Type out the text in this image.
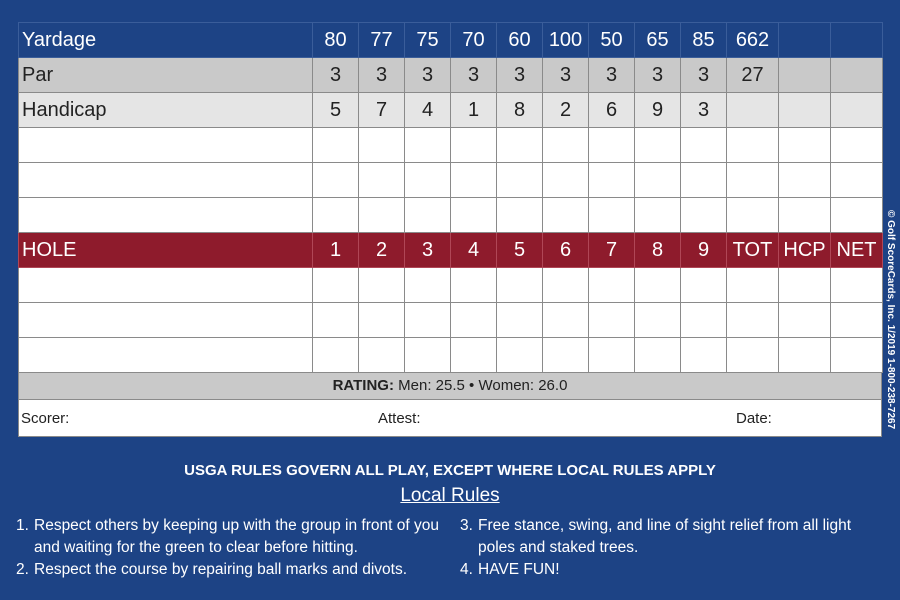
Yardage	80	77	75	70	60	100	50	65	85	662		
Par	3	3	3	3	3	3	3	3	3	27		
Handicap	5	7	4	1	8	2	6	9	3			

HOLE	1	2	3	4	5	6	7	8	9	TOT	HCP	NET

RATING: Men: 25.5 • Women: 26.0
Scorer:	Attest:	Date:	© Golf ScoreCards, Inc. 1/2019 1-800-238-7267
USGA RULES GOVERN ALL PLAY, EXCEPT WHERE LOCAL RULES APPLY
Local Rules
1. Respect others by keeping up with the group in front of you and waiting for the green to clear before hitting.
2. Respect the course by repairing ball marks and divots.
3. Free stance, swing, and line of sight relief from all light poles and staked trees.
4. HAVE FUN!
